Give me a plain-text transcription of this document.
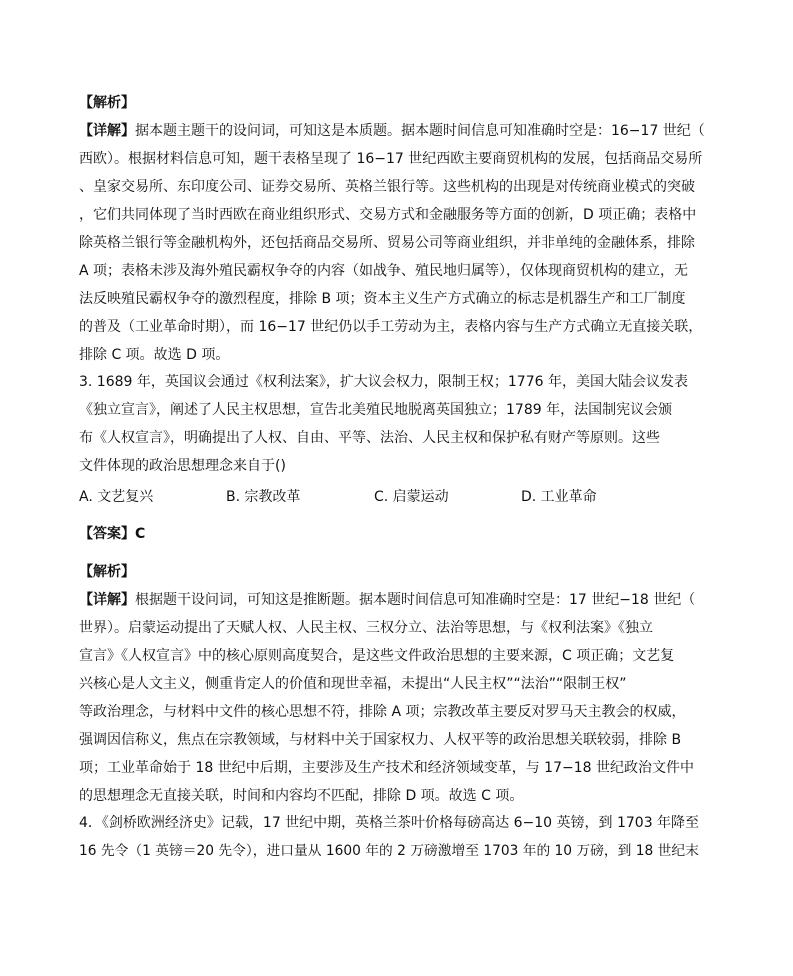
【解析】
【详解】据本题主题干的设问词，可知这是本质题。据本题时间信息可知准确时空是：16−17 世纪（
西欧）。根据材料信息可知，题干表格呈现了 16−17 世纪西欧主要商贸机构的发展，包括商品交易所
、皇家交易所、东印度公司、证券交易所、英格兰银行等。这些机构的出现是对传统商业模式的突破
，它们共同体现了当时西欧在商业组织形式、交易方式和金融服务等方面的创新，D 项正确；表格中
除英格兰银行等金融机构外，还包括商品交易所、贸易公司等商业组织，并非单纯的金融体系，排除
A 项；表格未涉及海外殖民霸权争夺的内容（如战争、殖民地归属等），仅体现商贸机构的建立，无
法反映殖民霸权争夺的激烈程度，排除 B 项；资本主义生产方式确立的标志是机器生产和工厂制度
的普及（工业革命时期），而 16−17 世纪仍以手工劳动为主，表格内容与生产方式确立无直接关联，
排除 C 项。故选 D 项。
3. 1689 年，英国议会通过《权利法案》，扩大议会权力，限制王权；1776 年，美国大陆会议发表
《独立宣言》，阐述了人民主权思想，宣告北美殖民地脱离英国独立；1789 年，法国制宪议会颁
布《人权宣言》，明确提出了人权、自由、平等、法治、人民主权和保护私有财产等原则。这些
文件体现的政治思想理念来自于()
A. 文艺复兴	B. 宗教改革	C. 启蒙运动	D. 工业革命
【答案】C
【解析】
【详解】根据题干设问词，可知这是推断题。据本题时间信息可知准确时空是：17 世纪−18 世纪（
世界）。启蒙运动提出了天赋人权、人民主权、三权分立、法治等思想，与《权利法案》《独立
宣言》《人权宣言》中的核心原则高度契合，是这些文件政治思想的主要来源，C 项正确；文艺复
兴核心是人文主义，侧重肯定人的价值和现世幸福，未提出“人民主权”“法治”“限制王权”
等政治理念，与材料中文件的核心思想不符，排除 A 项；宗教改革主要反对罗马天主教会的权威，
强调因信称义，焦点在宗教领域，与材料中关于国家权力、人权平等的政治思想关联较弱，排除 B
项；工业革命始于 18 世纪中后期，主要涉及生产技术和经济领域变革，与 17−18 世纪政治文件中
的思想理念无直接关联，时间和内容均不匹配，排除 D 项。故选 C 项。
4．《剑桥欧洲经济史》记载，17 世纪中期，英格兰茶叶价格每磅高达 6−10 英镑，到 1703 年降至
16 先令（1 英镑＝20 先令），进口量从 1600 年的 2 万磅激增至 1703 年的 10 万磅，到 18 世纪末
